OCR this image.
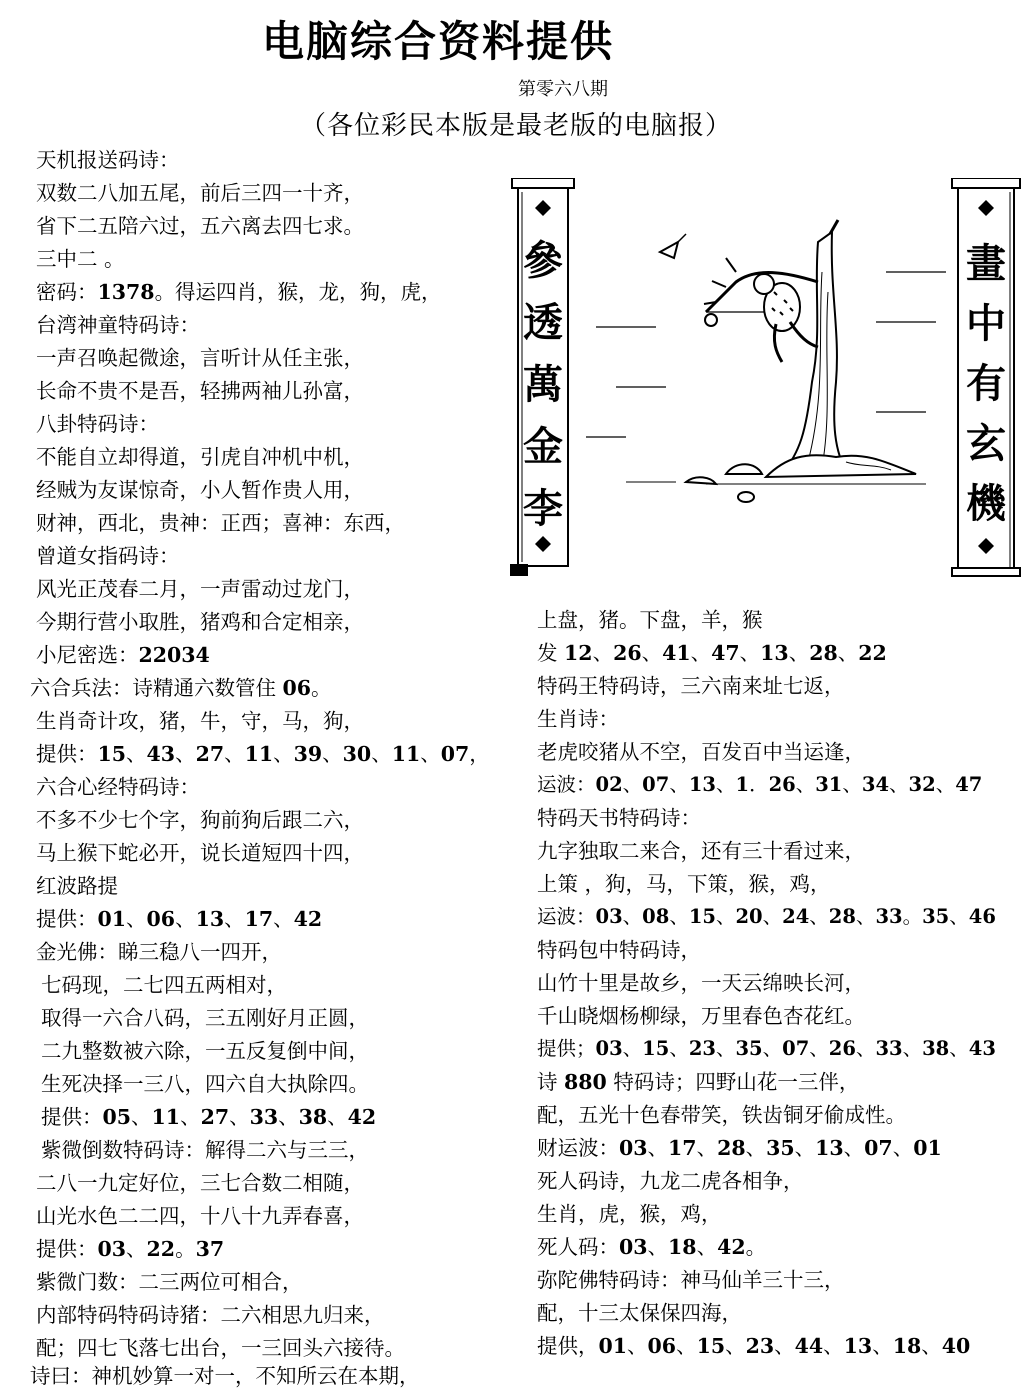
电脑综合资料提供
第零六八期
（各位彩民本版是最老版的电脑报）
參
透
萬
金
李
畫
中
有
玄
機
天机报送码诗：
双数二八加五尾，前后三四一十齐，
省下二五陪六过，五六离去四七求。
三中二 。
密码：1378。得运四肖，猴，龙，狗，虎，
台湾神童特码诗：
一声召唤起微途，言听计从任主张，
长命不贵不是吾，轻拂两袖儿孙富，
八卦特码诗：
不能自立却得道，引虎自冲机中机，
经贼为友谋惊奇，小人暂作贵人用，
财神，西北，贵神：正西；喜神：东西，
曾道女指码诗：
风光正茂春二月，一声雷动过龙门，
今期行营小取胜，猪鸡和合定相亲，
小尼密选：22034
六合兵法：诗精通六数管住 06。
生肖奇计攻，猪，牛，守，马，狗，
提供：15、43、27、11、39、30、11、07，
六合心经特码诗：
不多不少七个字，狗前狗后跟二六，
马上猴下蛇必开，说长道短四十四，
红波路提
提供：01、06、13、17、42
金光佛：睇三稳八一四开，
七码现，二七四五两相对，
取得一六合八码，三五刚好月正圆，
二九整数被六除，一五反复倒中间，
生死决择一三八，四六自大执除四。
提供：05、11、27、33、38、42
紫微倒数特码诗：解得二六与三三，
二八一九定好位，三七合数二相随，
山光水色二二四，十八十九弄春喜，
提供：03、22。37
紫微门数：二三两位可相合，
内部特码特码诗猪：二六相思九归来，
配；四七飞落七出台，一三回头六接待。
诗曰：神机妙算一对一，不知所云在本期，
上盘，猪。下盘，羊，猴
发 12、26、41、47、13、28、22
特码王特码诗，三六南来址七返，
生肖诗：
老虎咬猪从不空，百发百中当运逢，
运波：02、07、13、1．26、31、34、32、47
特码天书特码诗：
九字独取二来合，还有三十看过来，
上策 ，狗，马，下策，猴，鸡，
运波：03、08、15、20、24、28、33。35、46
特码包中特码诗，
山竹十里是故乡，一天云绵映长河，
千山晓烟杨柳绿，万里春色杏花红。
提供；03、15、23、35、07、26、33、38、43
诗 880 特码诗；四野山花一三伴，
配，五光十色春带笑，铁齿铜牙偷成性。
财运波：03、17、28、35、13、07、01
死人码诗，九龙二虎各相争，
生肖，虎，猴，鸡，
死人码：03、18、42。
弥陀佛特码诗：神马仙羊三十三，
配，十三太保保四海，
提供，01、06、15、23、44、13、18、40
